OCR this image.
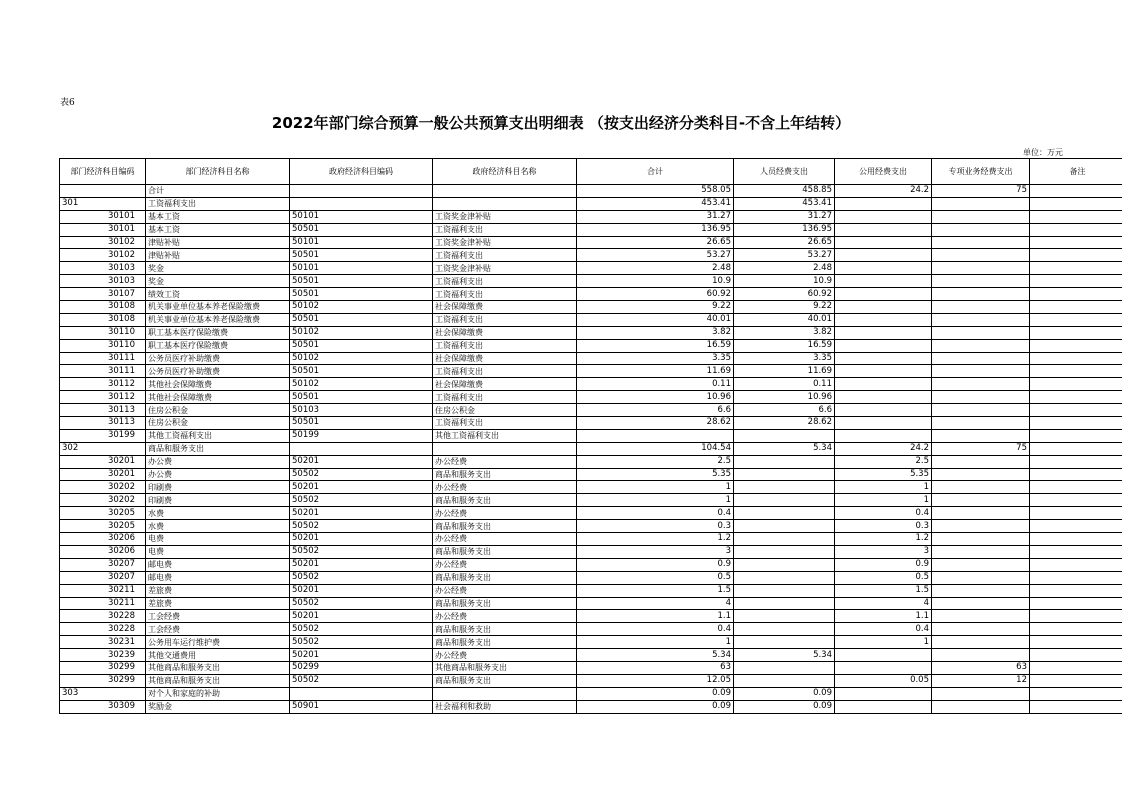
表6
2022年部门综合预算一般公共预算支出明细表 （按支出经济分类科目-不含上年结转）
单位：万元
部门经济科目编码	部门经济科目名称	政府经济科目编码	政府经济科目名称	合计	人员经费支出	公用经费支出	专项业务经费支出	备注
	合计			558.05	458.85	24.2	75	
301	工资福利支出			453.41	453.41			
30101	基本工资	50101	工资奖金津补贴	31.27	31.27			
30101	基本工资	50501	工资福利支出	136.95	136.95			
30102	津贴补贴	50101	工资奖金津补贴	26.65	26.65			
30102	津贴补贴	50501	工资福利支出	53.27	53.27			
30103	奖金	50101	工资奖金津补贴	2.48	2.48			
30103	奖金	50501	工资福利支出	10.9	10.9			
30107	绩效工资	50501	工资福利支出	60.92	60.92			
30108	机关事业单位基本养老保险缴费	50102	社会保障缴费	9.22	9.22			
30108	机关事业单位基本养老保险缴费	50501	工资福利支出	40.01	40.01			
30110	职工基本医疗保险缴费	50102	社会保障缴费	3.82	3.82			
30110	职工基本医疗保险缴费	50501	工资福利支出	16.59	16.59			
30111	公务员医疗补助缴费	50102	社会保障缴费	3.35	3.35			
30111	公务员医疗补助缴费	50501	工资福利支出	11.69	11.69			
30112	其他社会保障缴费	50102	社会保障缴费	0.11	0.11			
30112	其他社会保障缴费	50501	工资福利支出	10.96	10.96			
30113	住房公积金	50103	住房公积金	6.6	6.6			
30113	住房公积金	50501	工资福利支出	28.62	28.62			
30199	其他工资福利支出	50199	其他工资福利支出					
302	商品和服务支出			104.54	5.34	24.2	75	
30201	办公费	50201	办公经费	2.5		2.5		
30201	办公费	50502	商品和服务支出	5.35		5.35		
30202	印刷费	50201	办公经费	1		1		
30202	印刷费	50502	商品和服务支出	1		1		
30205	水费	50201	办公经费	0.4		0.4		
30205	水费	50502	商品和服务支出	0.3		0.3		
30206	电费	50201	办公经费	1.2		1.2		
30206	电费	50502	商品和服务支出	3		3		
30207	邮电费	50201	办公经费	0.9		0.9		
30207	邮电费	50502	商品和服务支出	0.5		0.5		
30211	差旅费	50201	办公经费	1.5		1.5		
30211	差旅费	50502	商品和服务支出	4		4		
30228	工会经费	50201	办公经费	1.1		1.1		
30228	工会经费	50502	商品和服务支出	0.4		0.4		
30231	公务用车运行维护费	50502	商品和服务支出	1		1		
30239	其他交通费用	50201	办公经费	5.34	5.34			
30299	其他商品和服务支出	50299	其他商品和服务支出	63			63	
30299	其他商品和服务支出	50502	商品和服务支出	12.05		0.05	12	
303	对个人和家庭的补助			0.09	0.09			
30309	奖励金	50901	社会福利和救助	0.09	0.09			
